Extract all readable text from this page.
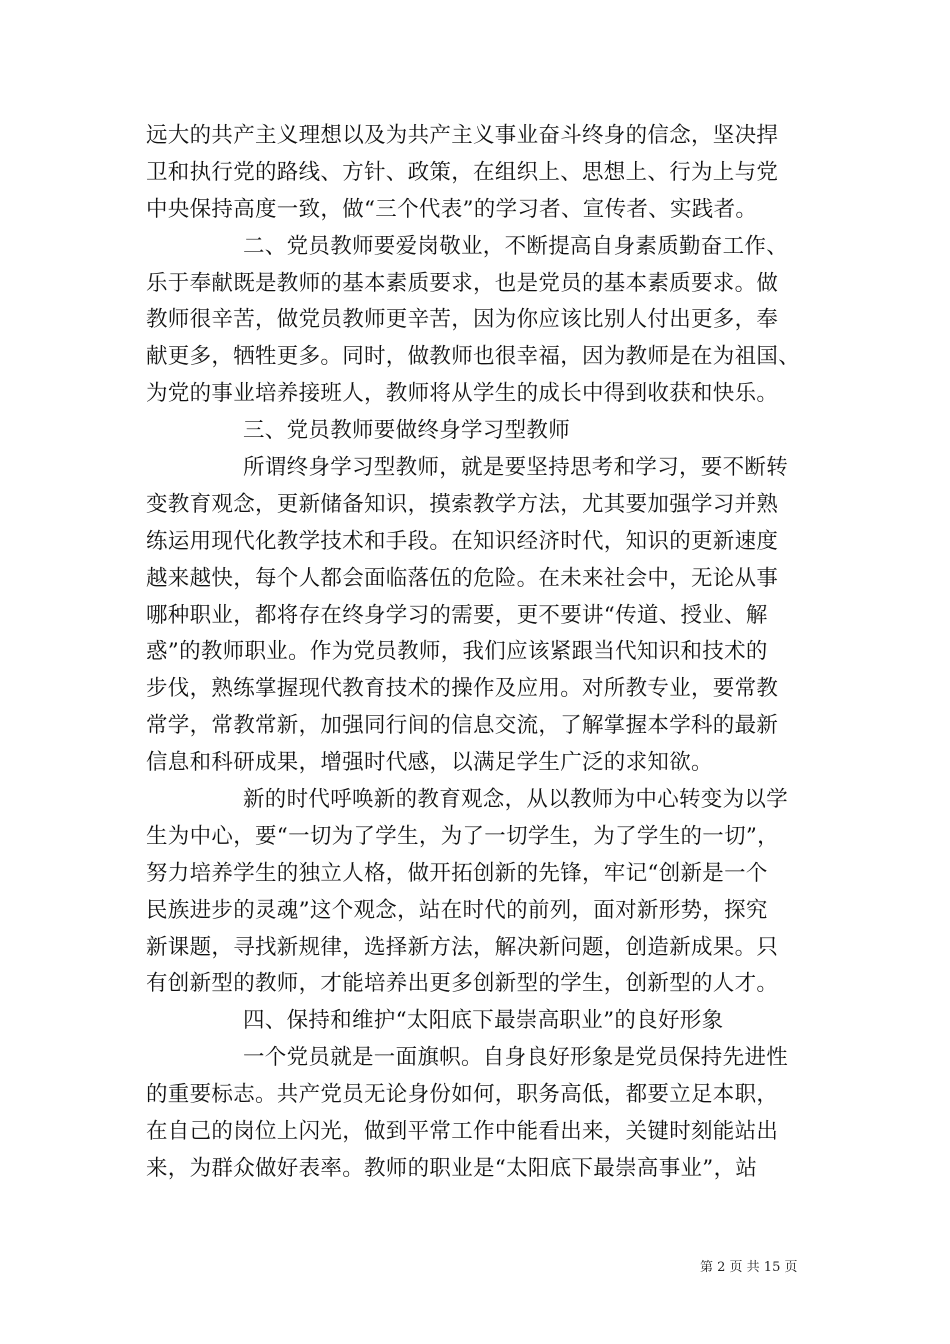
远大的共产主义理想以及为共产主义事业奋斗终身的信念，坚决捍
卫和执行党的路线、方针、政策，在组织上、思想上、行为上与党
中央保持高度一致，做“三个代表”的学习者、宣传者、实践者。
二、党员教师要爱岗敬业，不断提高自身素质勤奋工作、
乐于奉献既是教师的基本素质要求，也是党员的基本素质要求。做
教师很辛苦，做党员教师更辛苦，因为你应该比别人付出更多，奉
献更多，牺牲更多。同时，做教师也很幸福，因为教师是在为祖国、
为党的事业培养接班人，教师将从学生的成长中得到收获和快乐。
三、党员教师要做终身学习型教师
所谓终身学习型教师，就是要坚持思考和学习，要不断转
变教育观念，更新储备知识，摸索教学方法，尤其要加强学习并熟
练运用现代化教学技术和手段。在知识经济时代，知识的更新速度
越来越快，每个人都会面临落伍的危险。在未来社会中，无论从事
哪种职业，都将存在终身学习的需要，更不要讲“传道、授业、解
惑”的教师职业。作为党员教师，我们应该紧跟当代知识和技术的
步伐，熟练掌握现代教育技术的操作及应用。对所教专业，要常教
常学，常教常新，加强同行间的信息交流，了解掌握本学科的最新
信息和科研成果，增强时代感，以满足学生广泛的求知欲。
新的时代呼唤新的教育观念，从以教师为中心转变为以学
生为中心，要“一切为了学生，为了一切学生，为了学生的一切”，
努力培养学生的独立人格，做开拓创新的先锋，牢记“创新是一个
民族进步的灵魂”这个观念，站在时代的前列，面对新形势，探究
新课题，寻找新规律，选择新方法，解决新问题，创造新成果。只
有创新型的教师，才能培养出更多创新型的学生，创新型的人才。
四、保持和维护“太阳底下最崇高职业”的良好形象
一个党员就是一面旗帜。自身良好形象是党员保持先进性
的重要标志。共产党员无论身份如何，职务高低，都要立足本职，
在自己的岗位上闪光，做到平常工作中能看出来，关键时刻能站出
来，为群众做好表率。教师的职业是“太阳底下最崇高事业”，站
第 2 页 共 15 页
